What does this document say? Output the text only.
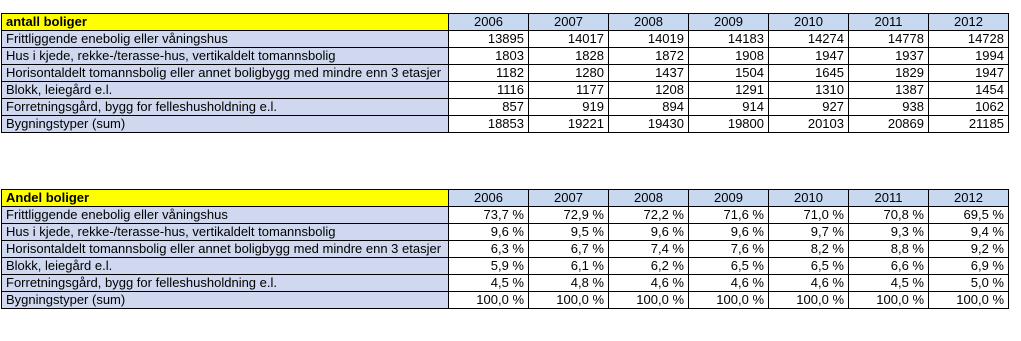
antall boliger	2006	2007	2008	2009	2010	2011	2012
Frittliggende enebolig eller våningshus	13895	14017	14019	14183	14274	14778	14728
Hus i kjede, rekke-/terasse-hus, vertikaldelt tomannsbolig	1803	1828	1872	1908	1947	1937	1994
Horisontaldelt tomannsbolig eller annet boligbygg med mindre enn 3 etasjer	1182	1280	1437	1504	1645	1829	1947
Blokk, leiegård e.l.	1116	1177	1208	1291	1310	1387	1454
Forretningsgård, bygg for felleshusholdning e.l.	857	919	894	914	927	938	1062
Bygningstyper (sum)	18853	19221	19430	19800	20103	20869	21185
Andel boliger	2006	2007	2008	2009	2010	2011	2012
Frittliggende enebolig eller våningshus	73,7 %	72,9 %	72,2 %	71,6 %	71,0 %	70,8 %	69,5 %
Hus i kjede, rekke-/terasse-hus, vertikaldelt tomannsbolig	9,6 %	9,5 %	9,6 %	9,6 %	9,7 %	9,3 %	9,4 %
Horisontaldelt tomannsbolig eller annet boligbygg med mindre enn 3 etasjer	6,3 %	6,7 %	7,4 %	7,6 %	8,2 %	8,8 %	9,2 %
Blokk, leiegård e.l.	5,9 %	6,1 %	6,2 %	6,5 %	6,5 %	6,6 %	6,9 %
Forretningsgård, bygg for felleshusholdning e.l.	4,5 %	4,8 %	4,6 %	4,6 %	4,6 %	4,5 %	5,0 %
Bygningstyper (sum)	100,0 %	100,0 %	100,0 %	100,0 %	100,0 %	100,0 %	100,0 %
